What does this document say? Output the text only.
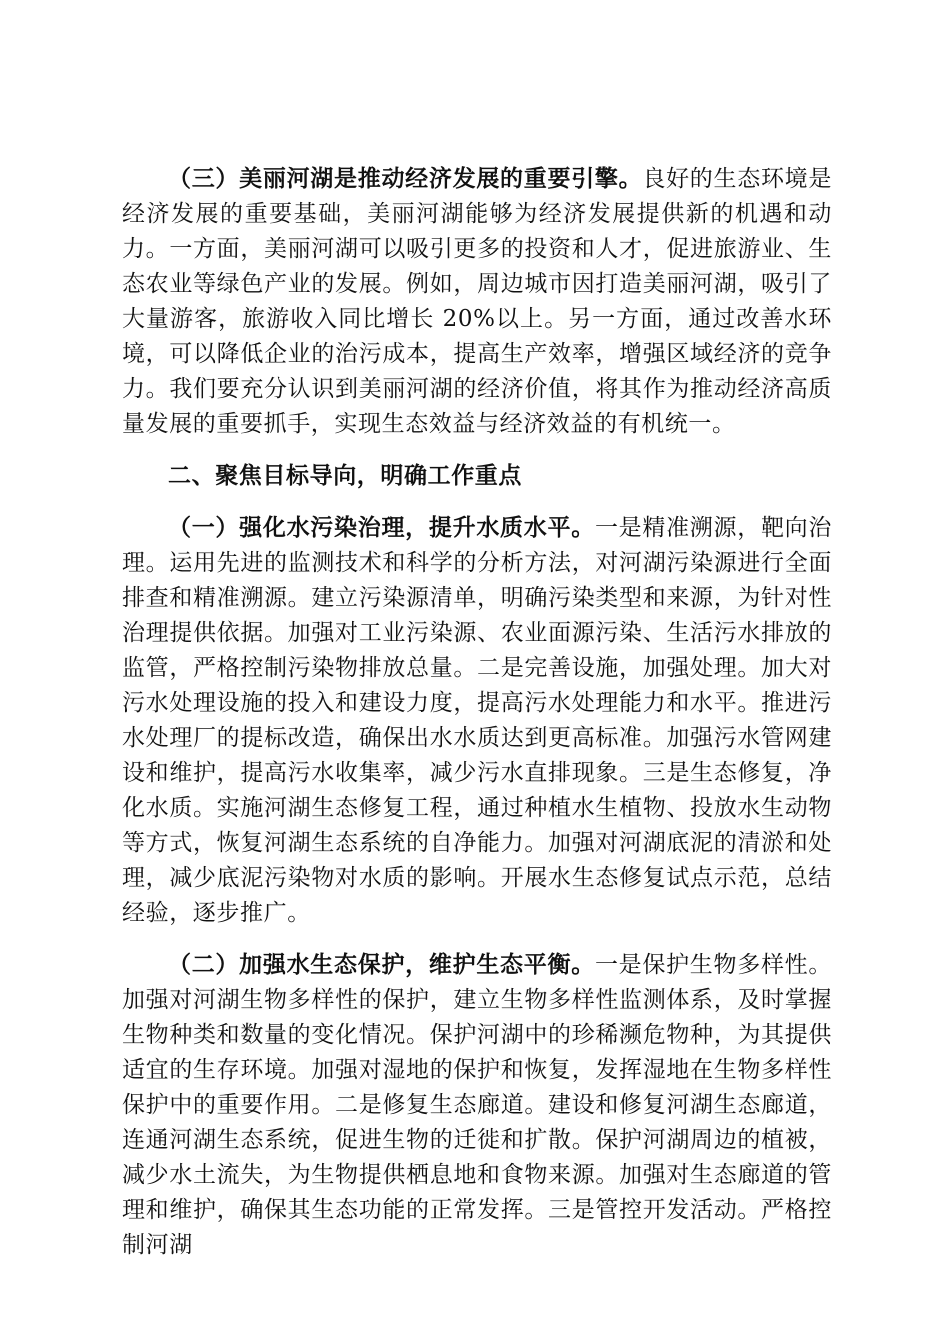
（三）美丽河湖是推动经济发展的重要引擎。良好的生态环境是经济发展的重要基础，美丽河湖能够为经济发展提供新的机遇和动力。一方面，美丽河湖可以吸引更多的投资和人才，促进旅游业、生态农业等绿色产业的发展。例如，周边城市因打造美丽河湖，吸引了大量游客，旅游收入同比增长 20%以上。另一方面，通过改善水环境，可以降低企业的治污成本，提高生产效率，增强区域经济的竞争力。我们要充分认识到美丽河湖的经济价值，将其作为推动经济高质量发展的重要抓手，实现生态效益与经济效益的有机统一。

二、聚焦目标导向，明确工作重点

（一）强化水污染治理，提升水质水平。一是精准溯源，靶向治理。运用先进的监测技术和科学的分析方法，对河湖污染源进行全面排查和精准溯源。建立污染源清单，明确污染类型和来源，为针对性治理提供依据。加强对工业污染源、农业面源污染、生活污水排放的监管，严格控制污染物排放总量。二是完善设施，加强处理。加大对污水处理设施的投入和建设力度，提高污水处理能力和水平。推进污水处理厂的提标改造，确保出水水质达到更高标准。加强污水管网建设和维护，提高污水收集率，减少污水直排现象。三是生态修复，净化水质。实施河湖生态修复工程，通过种植水生植物、投放水生动物等方式，恢复河湖生态系统的自净能力。加强对河湖底泥的清淤和处理，减少底泥污染物对水质的影响。开展水生态修复试点示范，总结经验，逐步推广。

（二）加强水生态保护，维护生态平衡。一是保护生物多样性。加强对河湖生物多样性的保护，建立生物多样性监测体系，及时掌握生物种类和数量的变化情况。保护河湖中的珍稀濒危物种，为其提供适宜的生存环境。加强对湿地的保护和恢复，发挥湿地在生物多样性保护中的重要作用。二是修复生态廊道。建设和修复河湖生态廊道，连通河湖生态系统，促进生物的迁徙和扩散。保护河湖周边的植被，减少水土流失，为生物提供栖息地和食物来源。加强对生态廊道的管理和维护，确保其生态功能的正常发挥。三是管控开发活动。严格控制河湖
